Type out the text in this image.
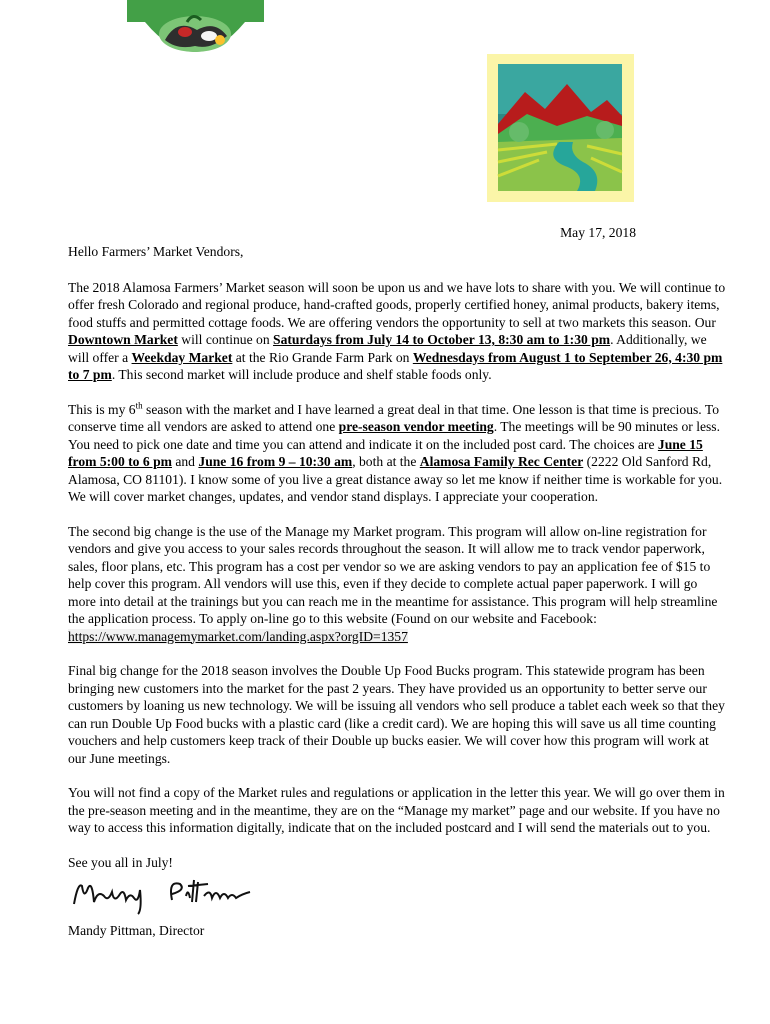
May 17, 2018

Hello Farmers’ Market Vendors,

The 2018 Alamosa Farmers’ Market season will soon be upon us and we have lots to share with you. We will continue to offer fresh Colorado and regional produce, hand-crafted goods, properly certified honey, animal products, bakery items, food stuffs and permitted cottage foods. We are offering vendors the opportunity to sell at two markets this season. Our Downtown Market will continue on Saturdays from July 14 to October 13, 8:30 am to 1:30 pm. Additionally, we will offer a Weekday Market at the Rio Grande Farm Park on Wednesdays from August 1 to September 26, 4:30 pm to 7 pm. This second market will include produce and shelf stable foods only.

This is my 6th season with the market and I have learned a great deal in that time. One lesson is that time is precious. To conserve time all vendors are asked to attend one pre-season vendor meeting. The meetings will be 90 minutes or less. You need to pick one date and time you can attend and indicate it on the included post card. The choices are June 15 from 5:00 to 6 pm and June 16 from 9 – 10:30 am, both at the Alamosa Family Rec Center (2222 Old Sanford Rd, Alamosa, CO 81101). I know some of you live a great distance away so let me know if neither time is workable for you. We will cover market changes, updates, and vendor stand displays. I appreciate your cooperation.

The second big change is the use of the Manage my Market program. This program will allow on-line registration for vendors and give you access to your sales records throughout the season. It will allow me to track vendor paperwork, sales, floor plans, etc. This program has a cost per vendor so we are asking vendors to pay an application fee of $15 to help cover this program. All vendors will use this, even if they decide to complete actual paper paperwork. I will go more into detail at the trainings but you can reach me in the meantime for assistance. This program will help streamline the application process. To apply on-line go to this website (Found on our website and Facebook:
https://www.managemymarket.com/landing.aspx?orgID=1357

Final big change for the 2018 season involves the Double Up Food Bucks program. This statewide program has been bringing new customers into the market for the past 2 years. They have provided us an opportunity to better serve our customers by loaning us new technology. We will be issuing all vendors who sell produce a tablet each week so that they can run Double Up Food bucks with a plastic card (like a credit card). We are hoping this will save us all time counting vouchers and help customers keep track of their Double up bucks easier. We will cover how this program will work at our June meetings.

You will not find a copy of the Market rules and regulations or application in the letter this year. We will go over them in the pre-season meeting and in the meantime, they are on the “Manage my market” page and our website. If you have no way to access this information digitally, indicate that on the included postcard and I will send the materials out to you.

See you all in July!

Mandy Pittman, Director
